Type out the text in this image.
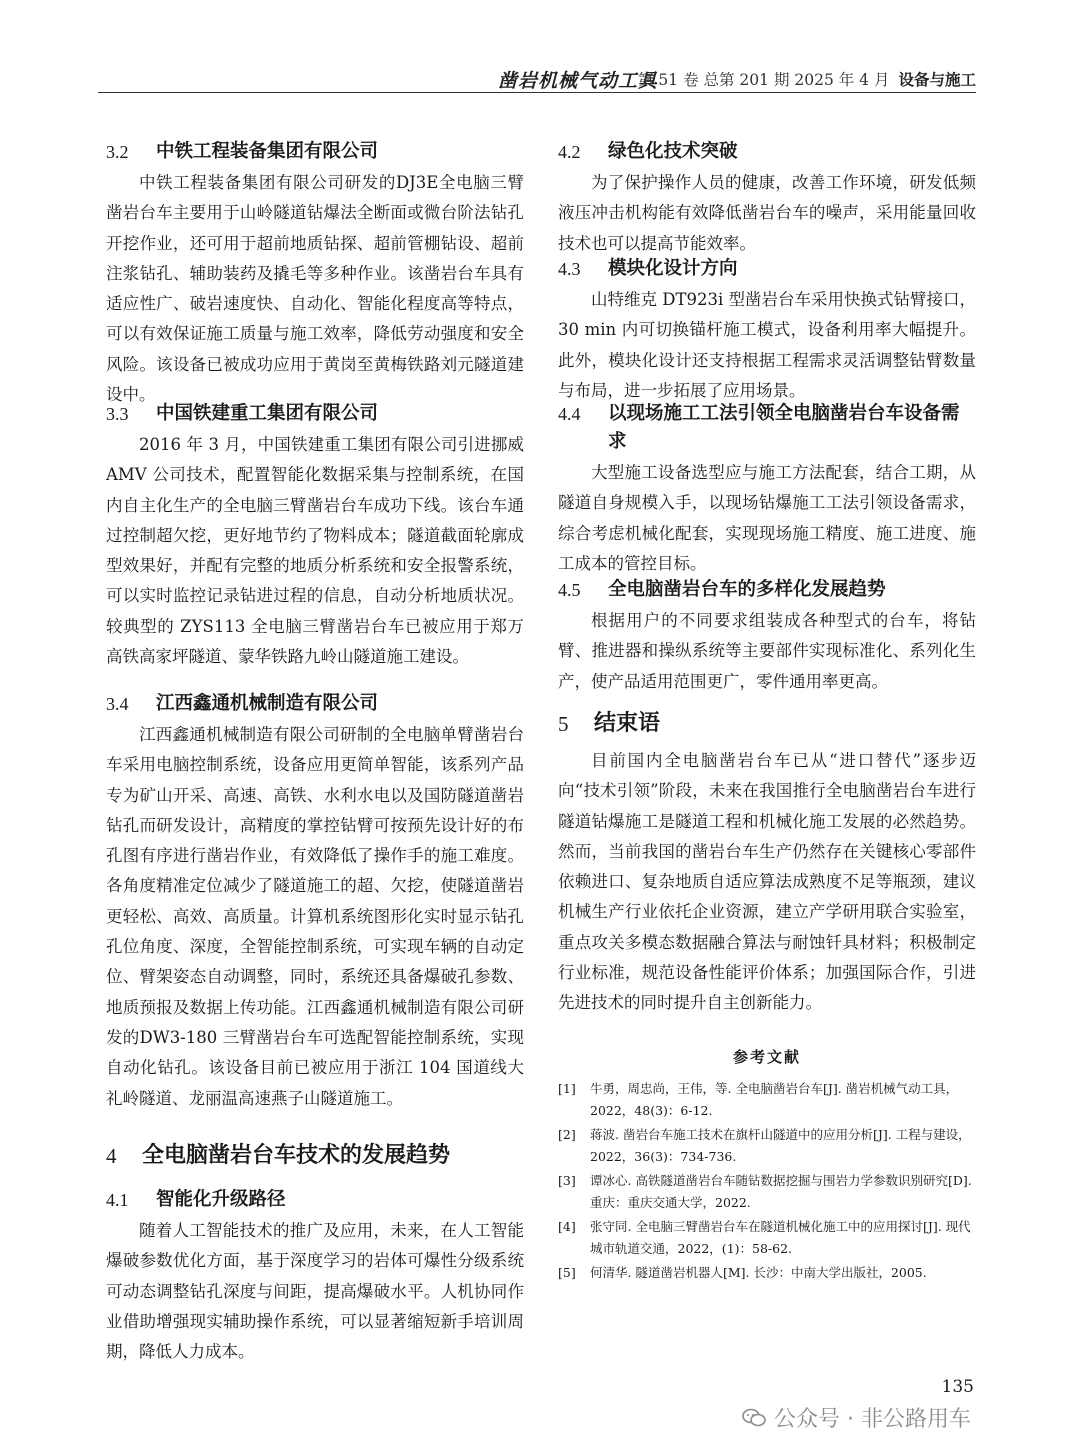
凿岩机械气动工具
第 51 卷 总第 201 期 2025 年 4 月 设备与施工
3.2	中铁工程装备集团有限公司

中铁工程装备集团有限公司研发的DJ3E全电脑三臂凿岩台车主要用于山岭隧道钻爆法全断面或微台阶法钻孔开挖作业，还可用于超前地质钻探、超前管棚钻设、超前注浆钻孔、辅助装药及撬毛等多种作业。该凿岩台车具有适应性广、破岩速度快、自动化、智能化程度高等特点，可以有效保证施工质量与施工效率，降低劳动强度和安全风险。该设备已被成功应用于黄岗至黄梅铁路刘元隧道建设中。

3.3	中国铁建重工集团有限公司

2016 年 3 月，中国铁建重工集团有限公司引进挪威 AMV 公司技术，配置智能化数据采集与控制系统，在国内自主化生产的全电脑三臂凿岩台车成功下线。该台车通过控制超欠挖，更好地节约了物料成本；隧道截面轮廓成型效果好，并配有完整的地质分析系统和安全报警系统，可以实时监控记录钻进过程的信息，自动分析地质状况。较典型的 ZYS113 全电脑三臂凿岩台车已被应用于郑万高铁高家坪隧道、蒙华铁路九岭山隧道施工建设。

3.4	江西鑫通机械制造有限公司

江西鑫通机械制造有限公司研制的全电脑单臂凿岩台车采用电脑控制系统，设备应用更简单智能，该系列产品专为矿山开采、高速、高铁、水利水电以及国防隧道凿岩钻孔而研发设计，高精度的掌控钻臂可按预先设计好的布孔图有序进行凿岩作业，有效降低了操作手的施工难度。各角度精准定位减少了隧道施工的超、欠挖，使隧道凿岩更轻松、高效、高质量。计算机系统图形化实时显示钻孔孔位角度、深度，全智能控制系统，可实现车辆的自动定位、臂架姿态自动调整，同时，系统还具备爆破孔参数、地质预报及数据上传功能。江西鑫通机械制造有限公司研发的DW3-180 三臂凿岩台车可选配智能控制系统，实现自动化钻孔。该设备目前已被应用于浙江 104 国道线大礼岭隧道、龙丽温高速燕子山隧道施工。

4	全电脑凿岩台车技术的发展趋势
4.1	智能化升级路径

随着人工智能技术的推广及应用，未来，在人工智能爆破参数优化方面，基于深度学习的岩体可爆性分级系统可动态调整钻孔深度与间距，提高爆破水平。人机协同作业借助增强现实辅助操作系统，可以显著缩短新手培训周期，降低人力成本。

4.2	绿色化技术突破

为了保护操作人员的健康，改善工作环境，研发低频液压冲击机构能有效降低凿岩台车的噪声，采用能量回收技术也可以提高节能效率。

4.3	模块化设计方向

山特维克 DT923i 型凿岩台车采用快换式钻臂接口，30 min 内可切换锚杆施工模式，设备利用率大幅提升。此外，模块化设计还支持根据工程需求灵活调整钻臂数量与布局，进一步拓展了应用场景。

4.4	以现场施工工法引领全电脑凿岩台车设备需求

大型施工设备选型应与施工方法配套，结合工期，从隧道自身规模入手，以现场钻爆施工工法引领设备需求，综合考虑机械化配套，实现现场施工精度、施工进度、施工成本的管控目标。

4.5	全电脑凿岩台车的多样化发展趋势

根据用户的不同要求组装成各种型式的台车，将钻臂、推进器和操纵系统等主要部件实现标准化、系列化生产，使产品适用范围更广，零件通用率更高。

5	结束语

目前国内全电脑凿岩台车已从“进口替代”逐步迈向“技术引领”阶段，未来在我国推行全电脑凿岩台车进行隧道钻爆施工是隧道工程和机械化施工发展的必然趋势。然而，当前我国的凿岩台车生产仍然存在关键核心零部件依赖进口、复杂地质自适应算法成熟度不足等瓶颈，建议机械生产行业依托企业资源，建立产学研用联合实验室，重点攻关多模态数据融合算法与耐蚀钎具材料；积极制定行业标准，规范设备性能评价体系；加强国际合作，引进先进技术的同时提升自主创新能力。

参考文献
[1]	牛勇，周忠尚，王伟，等. 全电脑凿岩台车[J]. 凿岩机械气动工具，2022，48(3)：6-12.
[2]	蒋波. 凿岩台车施工技术在旗杆山隧道中的应用分析[J]. 工程与建设，2022，36(3)：734-736.
[3]	谭冰心. 高铁隧道凿岩台车随钻数据挖掘与围岩力学参数识别研究[D]. 重庆：重庆交通大学，2022.
[4]	张守同. 全电脑三臂凿岩台车在隧道机械化施工中的应用探讨[J]. 现代城市轨道交通，2022，(1)：58-62.
[5]	何清华. 隧道凿岩机器人[M]. 长沙：中南大学出版社，2005.
135
公众号 · 非公路用车
